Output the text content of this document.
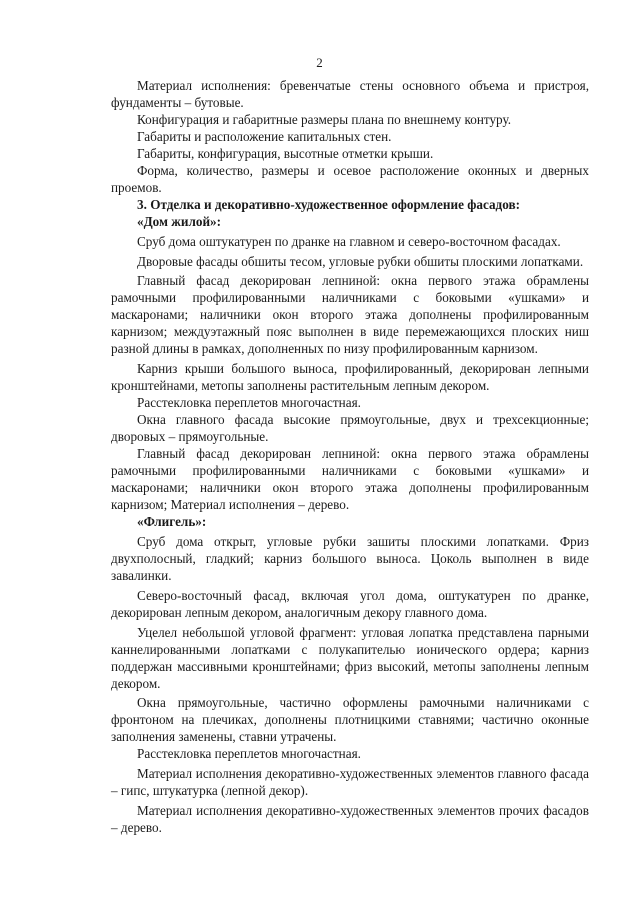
2

Материал исполнения: бревенчатые стены основного объема и пристроя, фундаменты – бутовые.

Конфигурация и габаритные размеры плана по внешнему контуру.

Габариты и расположение капитальных стен.

Габариты, конфигурация, высотные отметки крыши.

Форма, количество, размеры и осевое расположение оконных и дверных проемов.

3. Отделка и декоративно-художественное оформление фасадов:
«Дом жилой»:

Сруб дома оштукатурен по дранке на главном и северо-восточном фасадах.

Дворовые фасады обшиты тесом, угловые рубки обшиты плоскими лопатками.

Главный фасад декорирован лепниной: окна первого этажа обрамлены рамочными профилированными наличниками с боковыми «ушками» и маскаронами; наличники окон второго этажа дополнены профилированным карнизом; междуэтажный пояс выполнен в виде перемежающихся плоских ниш разной длины в рамках, дополненных по низу профилированным карнизом.

Карниз крыши большого выноса, профилированный, декорирован лепными кронштейнами, метопы заполнены растительным лепным декором.

Расстекловка переплетов многочастная.

Окна главного фасада высокие прямоугольные, двух и трехсекционные; дворовых – прямоугольные.

Главный фасад декорирован лепниной: окна первого этажа обрамлены рамочными профилированными наличниками с боковыми «ушками» и маскаронами; наличники окон второго этажа дополнены профилированным карнизом; Материал исполнения – дерево.

«Флигель»:

Сруб дома открыт, угловые рубки зашиты плоскими лопатками. Фриз двухполосный, гладкий; карниз большого выноса. Цоколь выполнен в виде завалинки.

Северо-восточный фасад, включая угол дома, оштукатурен по дранке, декорирован лепным декором, аналогичным декору главного дома.

Уцелел небольшой угловой фрагмент: угловая лопатка представлена парными каннелированными лопатками с полукапителью ионического ордера; карниз поддержан массивными кронштейнами; фриз высокий, метопы заполнены лепным декором.

Окна прямоугольные, частично оформлены рамочными наличниками с фронтоном на плечиках, дополнены плотницкими ставнями; частично оконные заполнения заменены, ставни утрачены.

Расстекловка переплетов многочастная.

Материал исполнения декоративно-художественных элементов главного фасада – гипс, штукатурка (лепной декор).

Материал исполнения декоративно-художественных элементов прочих фасадов – дерево.
